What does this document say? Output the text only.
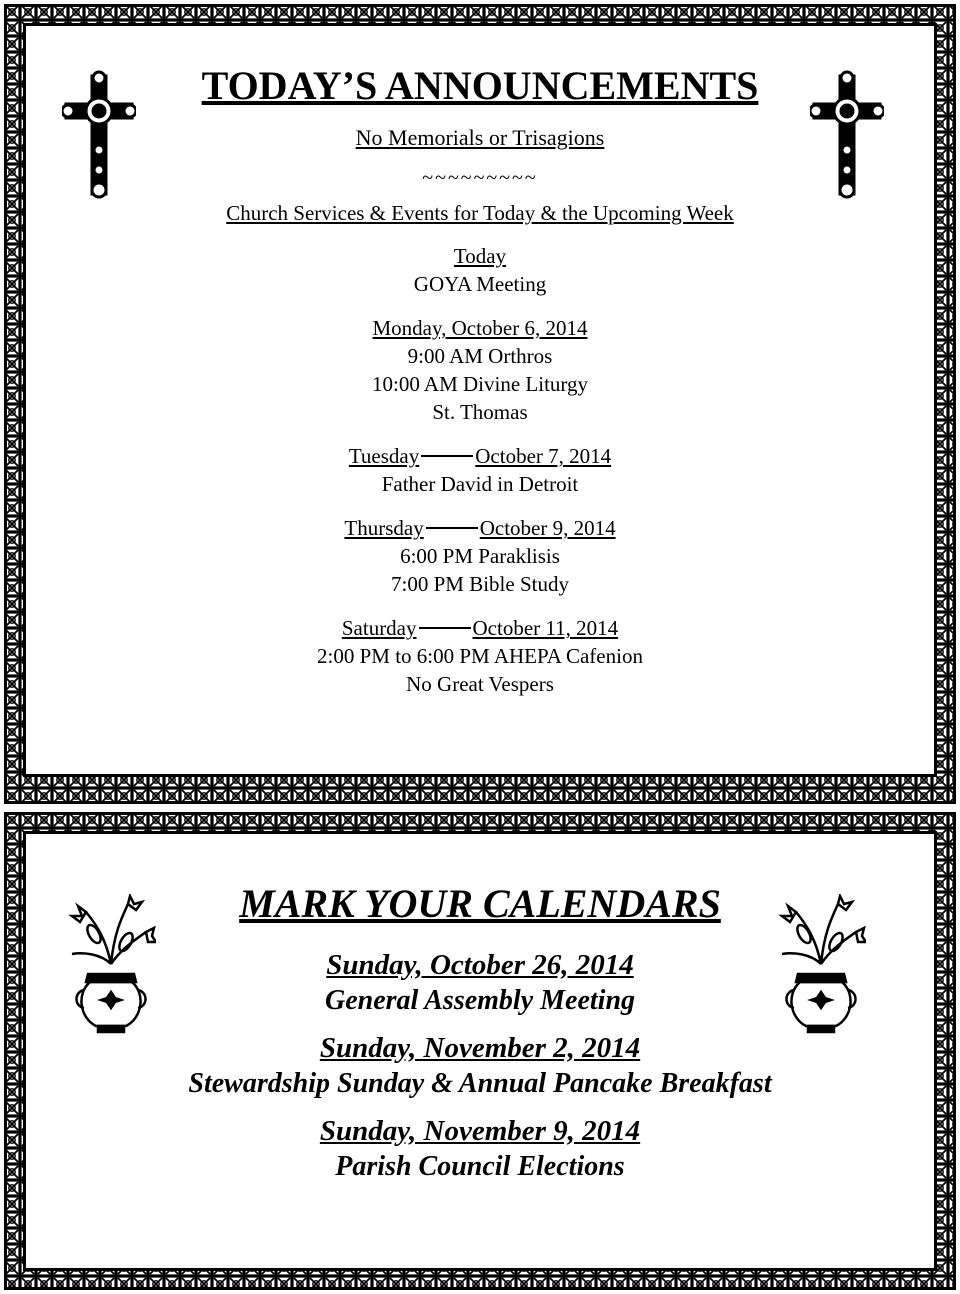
TODAY’S ANNOUNCEMENTS
No Memorials or Trisagions
~~~~~~~~~
Church Services & Events for Today & the Upcoming Week
Today
GOYA Meeting
Monday, October 6, 2014
9:00 AM Orthros
10:00 AM Divine Liturgy
St. Thomas
Tuesday	October 7, 2014
Father David in Detroit
Thursday	October 9, 2014
6:00 PM Paraklisis
7:00 PM Bible Study
Saturday	October 11, 2014
2:00 PM to 6:00 PM AHEPA Cafenion
No Great Vespers
MARK YOUR CALENDARS
Sunday, October 26, 2014
General Assembly Meeting
Sunday, November 2, 2014
Stewardship Sunday & Annual Pancake Breakfast
Sunday, November 9, 2014
Parish Council Elections
